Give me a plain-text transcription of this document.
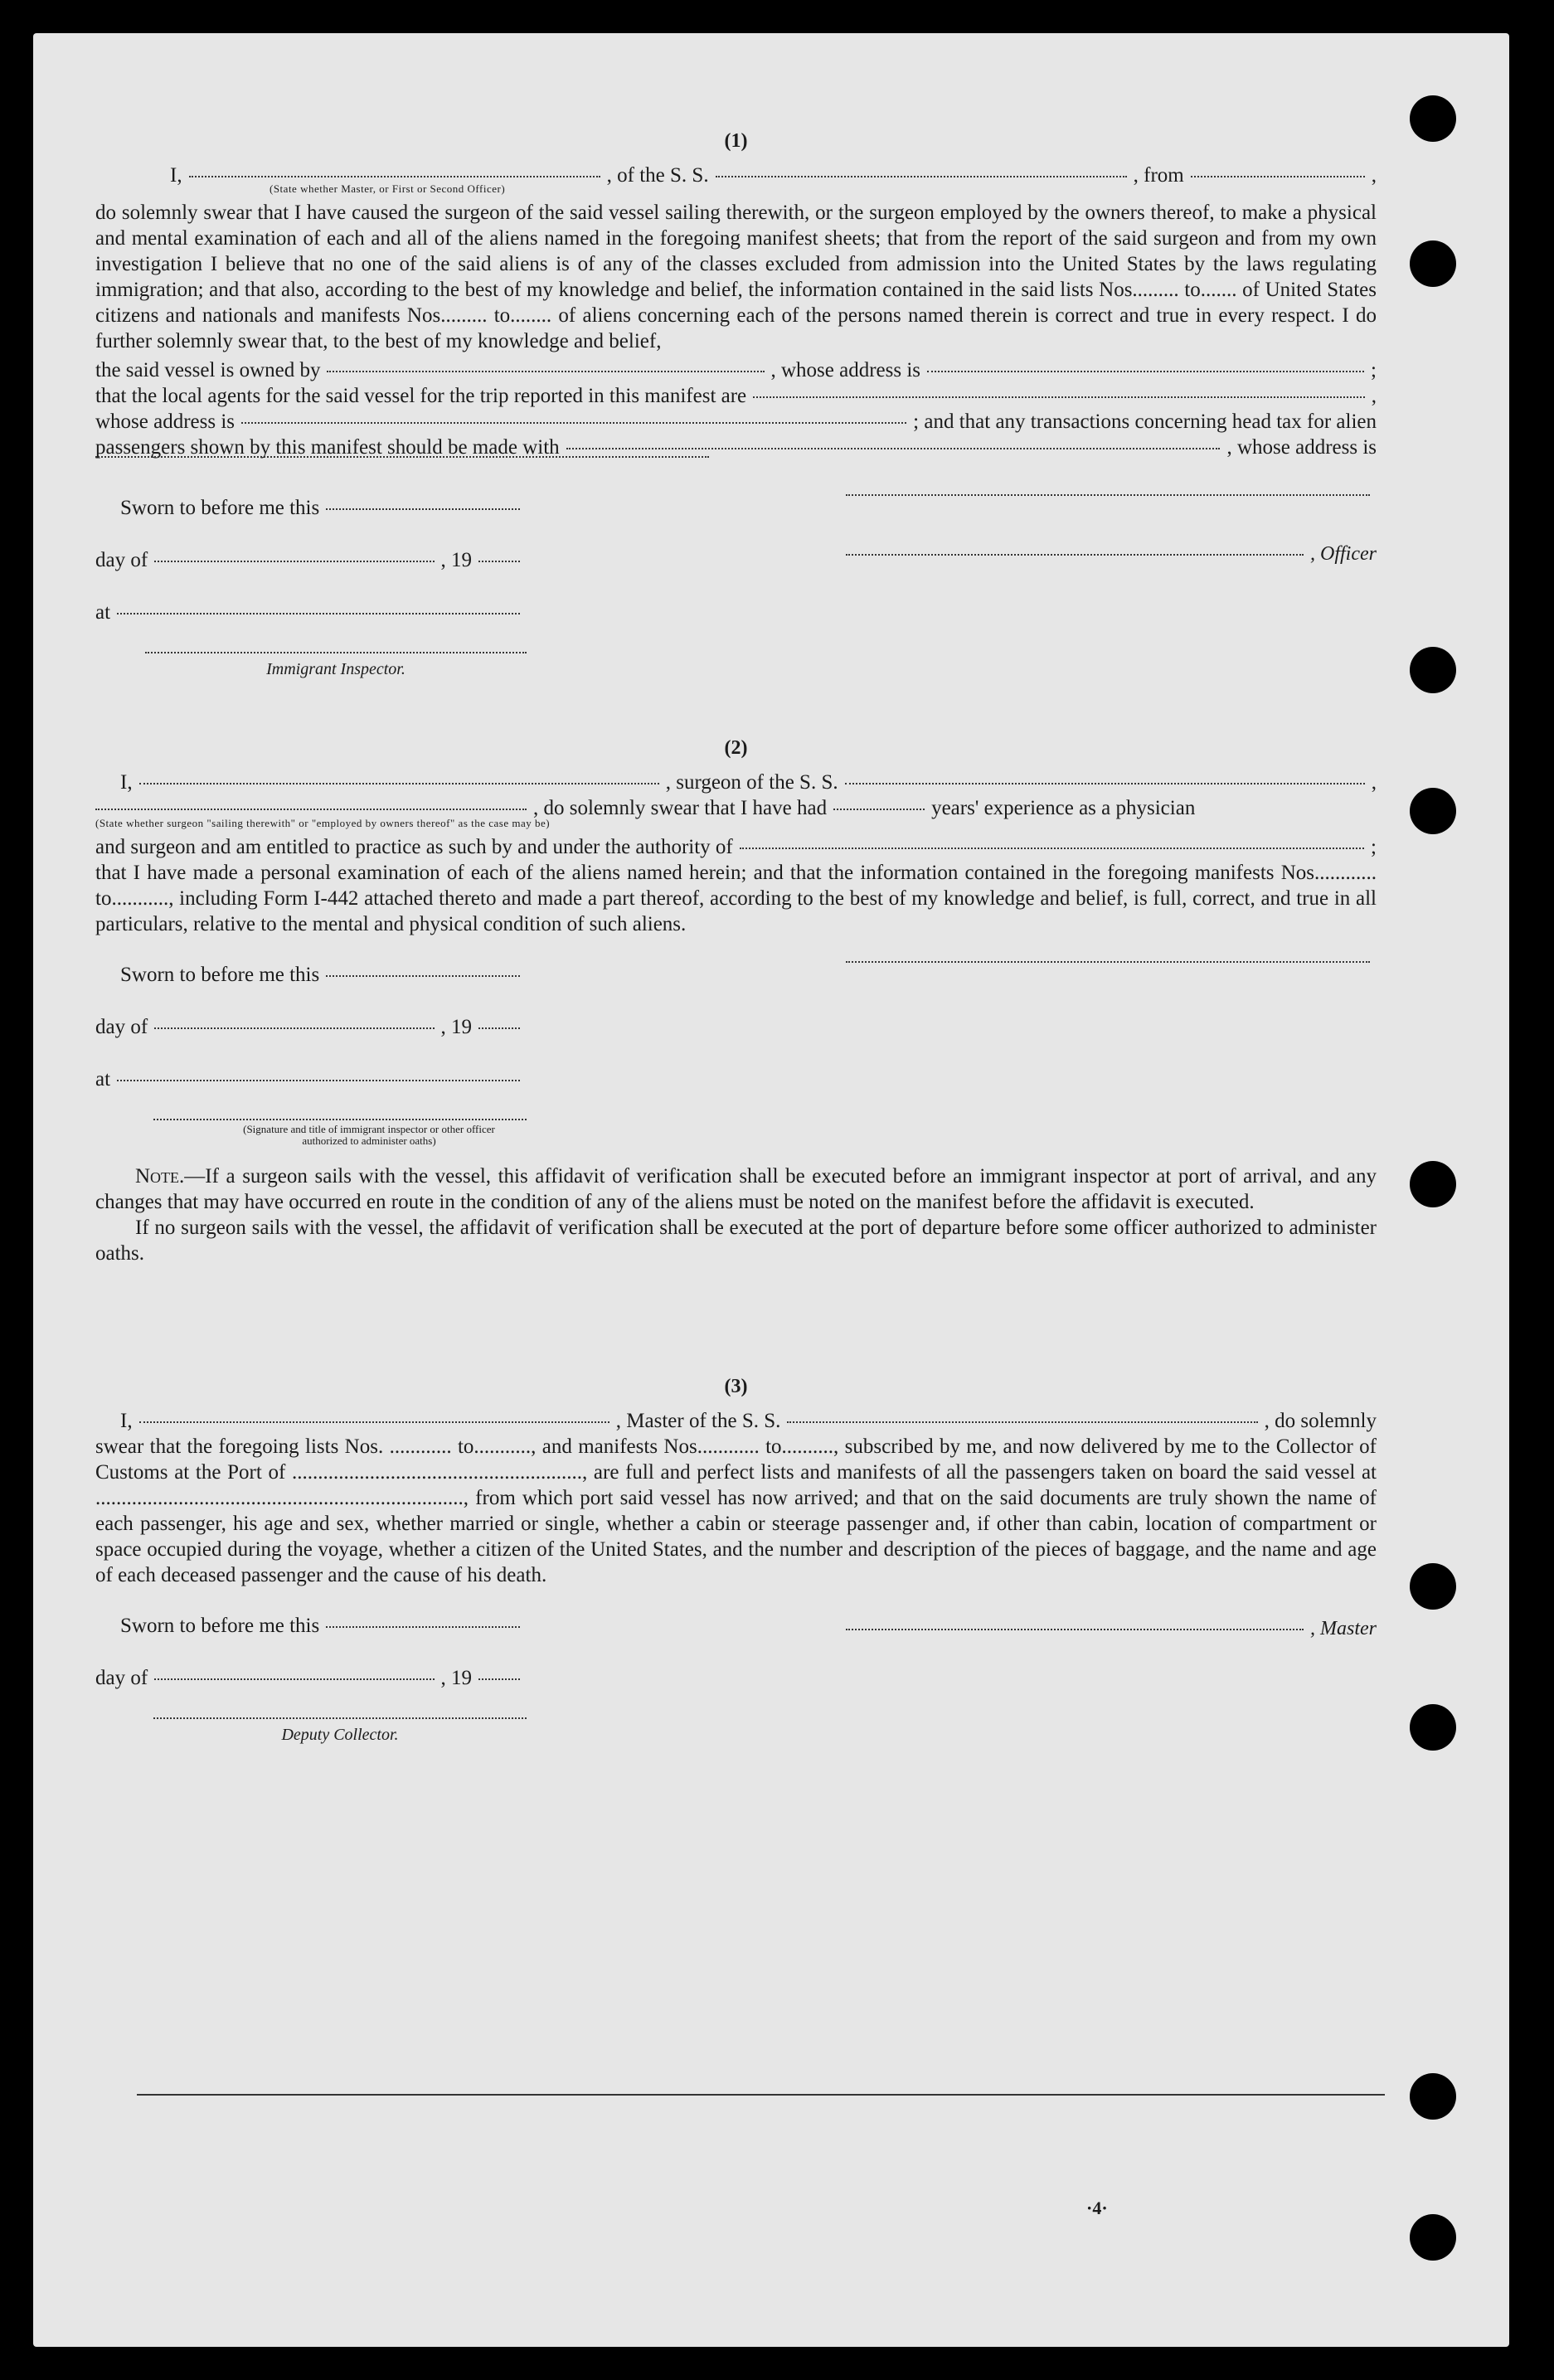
(1)
I,	, of the S. S.	, from	,
(State whether Master, or First or Second Officer)

do solemnly swear that I have caused the surgeon of the said vessel sailing therewith, or the surgeon employed by the owners thereof, to make a physical and mental examination of each and all of the aliens named in the foregoing manifest sheets; that from the report of the said surgeon and from my own investigation I believe that no one of the said aliens is of any of the classes excluded from admission into the United States by the laws regulating immigration; and that also, according to the best of my knowledge and belief, the information contained in the said lists Nos......... to....... of United States citizens and nationals and manifests Nos......... to........ of aliens concerning each of the persons named therein is correct and true in every respect. I do further solemnly swear that, to the best of my knowledge and belief,

the said vessel is owned by	, whose address is	;
that the local agents for the said vessel for the trip reported in this manifest are	,
whose address is	; and that any transactions concerning head tax for alien
passengers shown by this manifest should be made with	, whose address is
Sworn to before me this
day of	, 19
at
Immigrant Inspector.
, Officer
(2)
I,	, surgeon of the S. S.	,
, do solemnly swear that I have had	years' experience as a physician
(State whether surgeon "sailing therewith" or "employed by owners thereof" as the case may be)
and surgeon and am entitled to practice as such by and under the authority of	;

that I have made a personal examination of each of the aliens named herein; and that the information contained in the foregoing manifests Nos............ to..........., including Form I-442 attached thereto and made a part thereof, according to the best of my knowledge and belief, is full, correct, and true in all particulars, relative to the mental and physical condition of such aliens.

Sworn to before me this
day of	, 19
at
(Signature and title of immigrant inspector or other officer authorized to administer oaths)

Note.—If a surgeon sails with the vessel, this affidavit of verification shall be executed before an immigrant inspector at port of arrival, and any changes that may have occurred en route in the condition of any of the aliens must be noted on the manifest before the affidavit is executed.

If no surgeon sails with the vessel, the affidavit of verification shall be executed at the port of departure before some officer authorized to administer oaths.

(3)
I,	, Master of the S. S.	, do solemnly

swear that the foregoing lists Nos. ............ to..........., and manifests Nos............ to.........., subscribed by me, and now delivered by me to the Collector of Customs at the Port of ........................................................, are full and perfect lists and manifests of all the passengers taken on board the said vessel at ......................................................................., from which port said vessel has now arrived; and that on the said documents are truly shown the name of each passenger, his age and sex, whether married or single, whether a cabin or steerage passenger and, if other than cabin, location of compartment or space occupied during the voyage, whether a citizen of the United States, and the number and description of the pieces of baggage, and the name and age of each deceased passenger and the cause of his death.

Sworn to before me this
day of	, 19
Deputy Collector.
, Master
·4·
